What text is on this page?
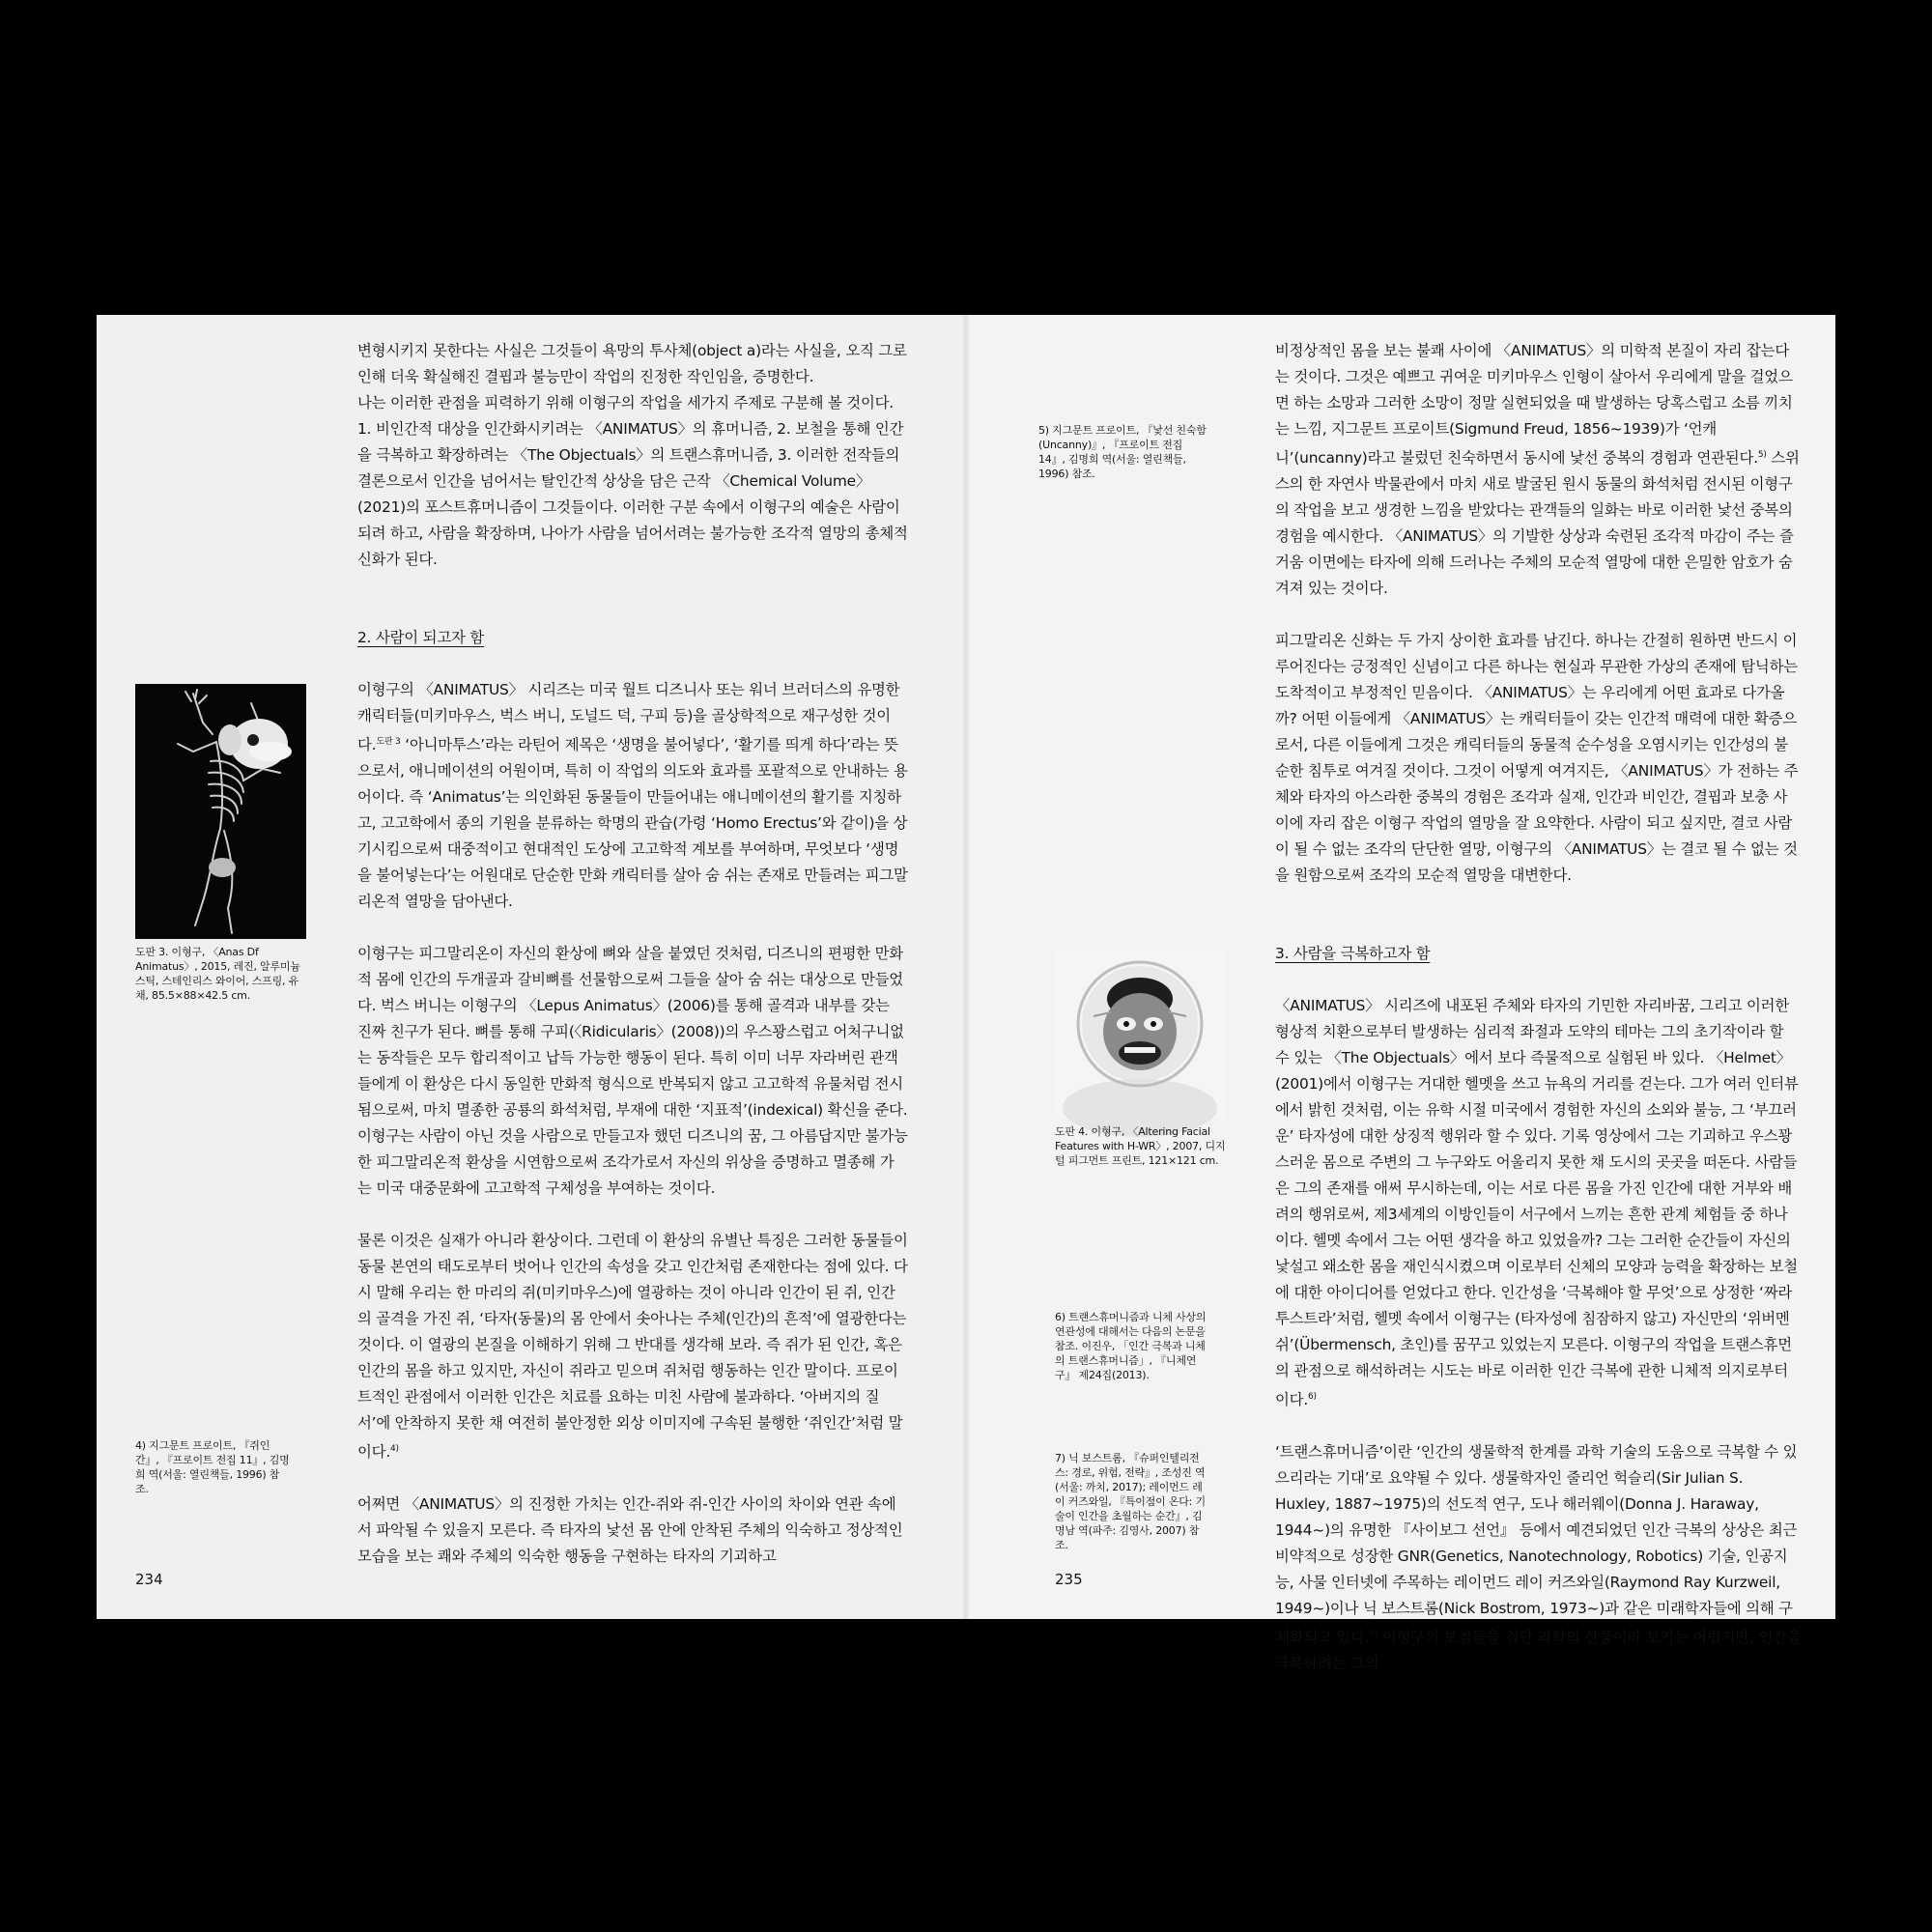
도판 3. 이형구, 〈Anas Df Animatus〉, 2015, 레진, 알루미늄 스틱, 스테인리스 와이어, 스프링, 유채, 85.5×88×42.5 cm.
4) 지그문트 프로이트, 『쥐인간』, 『프로이트 전집 11』, 김명희 역(서울: 열린책들, 1996) 참조.
234

변형시키지 못한다는 사실은 그것들이 욕망의 투사체(object a)라는 사실을, 오직 그로 인해 더욱 확실해진 결핍과 불능만이 작업의 진정한 작인임을, 증명한다.

나는 이러한 관점을 피력하기 위해 이형구의 작업을 세가지 주제로 구분해 볼 것이다. 1. 비인간적 대상을 인간화시키려는 〈ANIMATUS〉의 휴머니즘, 2. 보철을 통해 인간을 극복하고 확장하려는 〈The Objectuals〉의 트랜스휴머니즘, 3. 이러한 전작들의 결론으로서 인간을 넘어서는 탈인간적 상상을 담은 근작 〈Chemical Volume〉(2021)의 포스트휴머니즘이 그것들이다. 이러한 구분 속에서 이형구의 예술은 사람이 되려 하고, 사람을 확장하며, 나아가 사람을 넘어서려는 불가능한 조각적 열망의 총체적 신화가 된다.

2. 사람이 되고자 함

이형구의 〈ANIMATUS〉 시리즈는 미국 월트 디즈니사 또는 워너 브러더스의 유명한 캐릭터들(미키마우스, 벅스 버니, 도널드 덕, 구피 등)을 골상학적으로 재구성한 것이다.$^{도판 3}$ ‘아니마투스’라는 라틴어 제목은 ‘생명을 불어넣다’, ‘활기를 띄게 하다’라는 뜻으로서, 애니메이션의 어원이며, 특히 이 작업의 의도와 효과를 포괄적으로 안내하는 용어이다. 즉 ‘Animatus’는 의인화된 동물들이 만들어내는 애니메이션의 활기를 지칭하고, 고고학에서 종의 기원을 분류하는 학명의 관습(가령 ‘Homo Erectus’와 같이)을 상기시킴으로써 대중적이고 현대적인 도상에 고고학적 계보를 부여하며, 무엇보다 ‘생명을 불어넣는다’는 어원대로 단순한 만화 캐릭터를 살아 숨 쉬는 존재로 만들려는 피그말리온적 열망을 담아낸다.

이형구는 피그말리온이 자신의 환상에 뼈와 살을 붙였던 것처럼, 디즈니의 편평한 만화적 몸에 인간의 두개골과 갈비뼈를 선물함으로써 그들을 살아 숨 쉬는 대상으로 만들었다. 벅스 버니는 이형구의 〈Lepus Animatus〉(2006)를 통해 골격과 내부를 갖는 진짜 친구가 된다. 뼈를 통해 구피(〈Ridicularis〉(2008))의 우스꽝스럽고 어처구니없는 동작들은 모두 합리적이고 납득 가능한 행동이 된다. 특히 이미 너무 자라버린 관객들에게 이 환상은 다시 동일한 만화적 형식으로 반복되지 않고 고고학적 유물처럼 전시됨으로써, 마치 멸종한 공룡의 화석처럼, 부재에 대한 ‘지표적’(indexical) 확신을 준다. 이형구는 사람이 아닌 것을 사람으로 만들고자 했던 디즈니의 꿈, 그 아름답지만 불가능한 피그말리온적 환상을 시연함으로써 조각가로서 자신의 위상을 증명하고 멸종해 가는 미국 대중문화에 고고학적 구체성을 부여하는 것이다.

물론 이것은 실재가 아니라 환상이다. 그런데 이 환상의 유별난 특징은 그러한 동물들이 동물 본연의 태도로부터 벗어나 인간의 속성을 갖고 인간처럼 존재한다는 점에 있다. 다시 말해 우리는 한 마리의 쥐(미키마우스)에 열광하는 것이 아니라 인간이 된 쥐, 인간의 골격을 가진 쥐, ‘타자(동물)의 몸 안에서 솟아나는 주체(인간)의 흔적’에 열광한다는 것이다. 이 열광의 본질을 이해하기 위해 그 반대를 생각해 보라. 즉 쥐가 된 인간, 혹은 인간의 몸을 하고 있지만, 자신이 쥐라고 믿으며 쥐처럼 행동하는 인간 말이다. 프로이트적인 관점에서 이러한 인간은 치료를 요하는 미친 사람에 불과하다. ‘아버지의 질서’에 안착하지 못한 채 여전히 불안정한 외상 이미지에 구속된 불행한 ‘쥐인간’처럼 말이다.$^{4)}$

어쩌면 〈ANIMATUS〉의 진정한 가치는 인간-쥐와 쥐-인간 사이의 차이와 연관 속에서 파악될 수 있을지 모른다. 즉 타자의 낯선 몸 안에 안착된 주체의 익숙하고 정상적인 모습을 보는 쾌와 주체의 익숙한 행동을 구현하는 타자의 기괴하고

5) 지그문트 프로이트, 『낯선 친숙함(Uncanny)』, 『프로이트 전집 14』, 김명희 역(서울: 열린책들, 1996) 참조.
도판 4. 이형구, 〈Altering Facial Features with H-WR〉, 2007, 디지털 피그먼트 프린트, 121×121 cm.
6) 트랜스휴머니즘과 니체 사상의 연관성에 대해서는 다음의 논문을 참조. 이진우, 「인간 극복과 니체의 트랜스휴머니즘」, 『니체연구』 제24집(2013).
7) 닉 보스트롬, 『슈퍼인텔리전스: 경로, 위험, 전략』, 조성진 역(서울: 까치, 2017); 레이먼드 레이 커즈와일, 『특이점이 온다: 기술이 인간을 초월하는 순간』, 김명남 역(파주: 김영사, 2007) 참조.
235

비정상적인 몸을 보는 불쾌 사이에 〈ANIMATUS〉의 미학적 본질이 자리 잡는다는 것이다. 그것은 예쁘고 귀여운 미키마우스 인형이 살아서 우리에게 말을 걸었으면 하는 소망과 그러한 소망이 정말 실현되었을 때 발생하는 당혹스럽고 소름 끼치는 느낌, 지그문트 프로이트(Sigmund Freud, 1856~1939)가 ‘언캐니’(uncanny)라고 불렀던 친숙하면서 동시에 낯선 중복의 경험과 연관된다.$^{5)}$ 스위스의 한 자연사 박물관에서 마치 새로 발굴된 원시 동물의 화석처럼 전시된 이형구의 작업을 보고 생경한 느낌을 받았다는 관객들의 일화는 바로 이러한 낯선 중복의 경험을 예시한다. 〈ANIMATUS〉의 기발한 상상과 숙련된 조각적 마감이 주는 즐거움 이면에는 타자에 의해 드러나는 주체의 모순적 열망에 대한 은밀한 암호가 숨겨져 있는 것이다.

피그말리온 신화는 두 가지 상이한 효과를 남긴다. 하나는 간절히 원하면 반드시 이루어진다는 긍정적인 신념이고 다른 하나는 현실과 무관한 가상의 존재에 탐닉하는 도착적이고 부정적인 믿음이다. 〈ANIMATUS〉는 우리에게 어떤 효과로 다가올까? 어떤 이들에게 〈ANIMATUS〉는 캐릭터들이 갖는 인간적 매력에 대한 확증으로서, 다른 이들에게 그것은 캐릭터들의 동물적 순수성을 오염시키는 인간성의 불순한 침투로 여겨질 것이다. 그것이 어떻게 여겨지든, 〈ANIMATUS〉가 전하는 주체와 타자의 아스라한 중복의 경험은 조각과 실재, 인간과 비인간, 결핍과 보충 사이에 자리 잡은 이형구 작업의 열망을 잘 요약한다. 사람이 되고 싶지만, 결코 사람이 될 수 없는 조각의 단단한 열망, 이형구의 〈ANIMATUS〉는 결코 될 수 없는 것을 원함으로써 조각의 모순적 열망을 대변한다.

3. 사람을 극복하고자 함

〈ANIMATUS〉 시리즈에 내포된 주체와 타자의 기민한 자리바꿈, 그리고 이러한 형상적 치환으로부터 발생하는 심리적 좌절과 도약의 테마는 그의 초기작이라 할 수 있는 〈The Objectuals〉에서 보다 즉물적으로 실험된 바 있다. 〈Helmet〉(2001)에서 이형구는 거대한 헬멧을 쓰고 뉴욕의 거리를 걷는다. 그가 여러 인터뷰에서 밝힌 것처럼, 이는 유학 시절 미국에서 경험한 자신의 소외와 불능, 그 ‘부끄러운’ 타자성에 대한 상징적 행위라 할 수 있다. 기록 영상에서 그는 기괴하고 우스꽝스러운 몸으로 주변의 그 누구와도 어울리지 못한 채 도시의 곳곳을 떠돈다. 사람들은 그의 존재를 애써 무시하는데, 이는 서로 다른 몸을 가진 인간에 대한 거부와 배려의 행위로써, 제3세계의 이방인들이 서구에서 느끼는 흔한 관계 체험들 중 하나이다. 헬멧 속에서 그는 어떤 생각을 하고 있었을까? 그는 그러한 순간들이 자신의 낯설고 왜소한 몸을 재인식시켰으며 이로부터 신체의 모양과 능력을 확장하는 보철에 대한 아이디어를 얻었다고 한다. 인간성을 ‘극복해야 할 무엇’으로 상정한 ‘짜라투스트라’처럼, 헬멧 속에서 이형구는 (타자성에 침잠하지 않고) 자신만의 ‘위버멘쉬’(Übermensch, 초인)를 꿈꾸고 있었는지 모른다. 이형구의 작업을 트랜스휴먼의 관점으로 해석하려는 시도는 바로 이러한 인간 극복에 관한 니체적 의지로부터이다.$^{6)}$

‘트랜스휴머니즘’이란 ‘인간의 생물학적 한계를 과학 기술의 도움으로 극복할 수 있으리라는 기대’로 요약될 수 있다. 생물학자인 줄리언 헉슬리(Sir Julian S. Huxley, 1887~1975)의 선도적 연구, 도나 해러웨이(Donna J. Haraway, 1944~)의 유명한 『사이보그 선언』 등에서 예견되었던 인간 극복의 상상은 최근 비약적으로 성장한 GNR(Genetics, Nanotechnology, Robotics) 기술, 인공지능, 사물 인터넷에 주목하는 레이먼드 레이 커즈와일(Raymond Ray Kurzweil, 1949~)이나 닉 보스트롬(Nick Bostrom, 1973~)과 같은 미래학자들에 의해 구체화되고 있다.$^{7)}$ 이형구의 보철들을 첨단 과학의 산물이라 보기는 어렵지만, 인간을 극복하려는 그의
